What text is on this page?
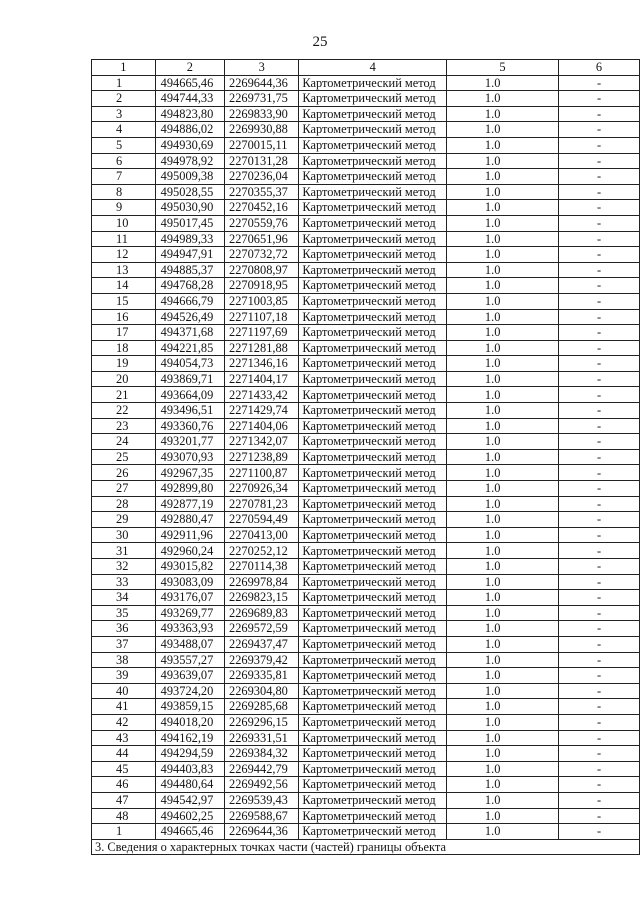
25
1	2	3	4	5	6
1	494665,46	2269644,36	Картометрический метод	1.0	-
2	494744,33	2269731,75	Картометрический метод	1.0	-
3	494823,80	2269833,90	Картометрический метод	1.0	-
4	494886,02	2269930,88	Картометрический метод	1.0	-
5	494930,69	2270015,11	Картометрический метод	1.0	-
6	494978,92	2270131,28	Картометрический метод	1.0	-
7	495009,38	2270236,04	Картометрический метод	1.0	-
8	495028,55	2270355,37	Картометрический метод	1.0	-
9	495030,90	2270452,16	Картометрический метод	1.0	-
10	495017,45	2270559,76	Картометрический метод	1.0	-
11	494989,33	2270651,96	Картометрический метод	1.0	-
12	494947,91	2270732,72	Картометрический метод	1.0	-
13	494885,37	2270808,97	Картометрический метод	1.0	-
14	494768,28	2270918,95	Картометрический метод	1.0	-
15	494666,79	2271003,85	Картометрический метод	1.0	-
16	494526,49	2271107,18	Картометрический метод	1.0	-
17	494371,68	2271197,69	Картометрический метод	1.0	-
18	494221,85	2271281,88	Картометрический метод	1.0	-
19	494054,73	2271346,16	Картометрический метод	1.0	-
20	493869,71	2271404,17	Картометрический метод	1.0	-
21	493664,09	2271433,42	Картометрический метод	1.0	-
22	493496,51	2271429,74	Картометрический метод	1.0	-
23	493360,76	2271404,06	Картометрический метод	1.0	-
24	493201,77	2271342,07	Картометрический метод	1.0	-
25	493070,93	2271238,89	Картометрический метод	1.0	-
26	492967,35	2271100,87	Картометрический метод	1.0	-
27	492899,80	2270926,34	Картометрический метод	1.0	-
28	492877,19	2270781,23	Картометрический метод	1.0	-
29	492880,47	2270594,49	Картометрический метод	1.0	-
30	492911,96	2270413,00	Картометрический метод	1.0	-
31	492960,24	2270252,12	Картометрический метод	1.0	-
32	493015,82	2270114,38	Картометрический метод	1.0	-
33	493083,09	2269978,84	Картометрический метод	1.0	-
34	493176,07	2269823,15	Картометрический метод	1.0	-
35	493269,77	2269689,83	Картометрический метод	1.0	-
36	493363,93	2269572,59	Картометрический метод	1.0	-
37	493488,07	2269437,47	Картометрический метод	1.0	-
38	493557,27	2269379,42	Картометрический метод	1.0	-
39	493639,07	2269335,81	Картометрический метод	1.0	-
40	493724,20	2269304,80	Картометрический метод	1.0	-
41	493859,15	2269285,68	Картометрический метод	1.0	-
42	494018,20	2269296,15	Картометрический метод	1.0	-
43	494162,19	2269331,51	Картометрический метод	1.0	-
44	494294,59	2269384,32	Картометрический метод	1.0	-
45	494403,83	2269442,79	Картометрический метод	1.0	-
46	494480,64	2269492,56	Картометрический метод	1.0	-
47	494542,97	2269539,43	Картометрический метод	1.0	-
48	494602,25	2269588,67	Картометрический метод	1.0	-
1	494665,46	2269644,36	Картометрический метод	1.0	-
3. Сведения о характерных точках части (частей) границы объекта					
